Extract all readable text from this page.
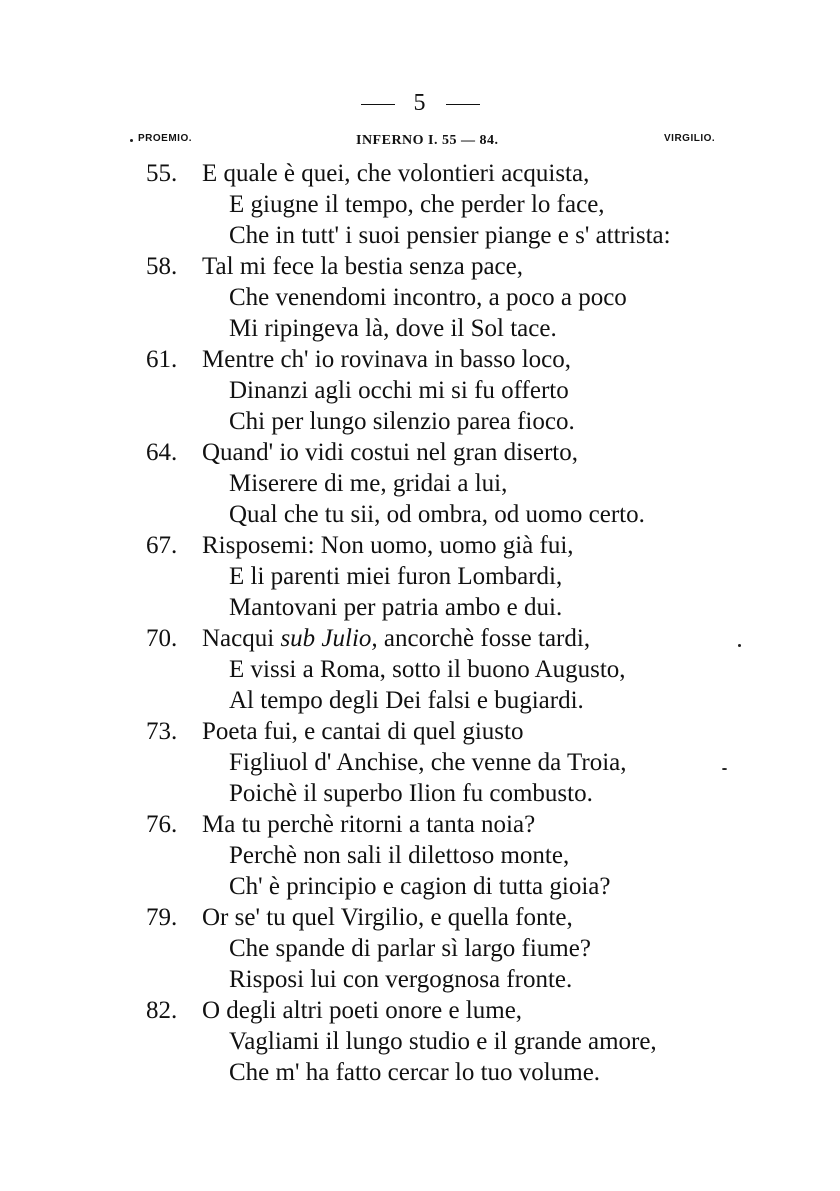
5
PROEMIO.	INFERNO I. 55 — 84.	VIRGILIO.
55. E quale è quei, che volontieri acquista,
E giugne il tempo, che perder lo face,
Che in tutt' i suoi pensier piange e s' attrista:
58. Tal mi fece la bestia senza pace,
Che venendomi incontro, a poco a poco
Mi ripingeva là, dove il Sol tace.
61. Mentre ch' io rovinava in basso loco,
Dinanzi agli occhi mi si fu offerto
Chi per lungo silenzio parea fioco.
64. Quand' io vidi costui nel gran diserto,
Miserere di me, gridai a lui,
Qual che tu sii, od ombra, od uomo certo.
67. Risposemi: Non uomo, uomo già fui,
E li parenti miei furon Lombardi,
Mantovani per patria ambo e dui.
70. Nacqui sub Julio, ancorchè fosse tardi,
E vissi a Roma, sotto il buono Augusto,
Al tempo degli Dei falsi e bugiardi.
73. Poeta fui, e cantai di quel giusto
Figliuol d' Anchise, che venne da Troia,
Poichè il superbo Ilion fu combusto.
76. Ma tu perchè ritorni a tanta noia?
Perchè non sali il dilettoso monte,
Ch' è principio e cagion di tutta gioia?
79. Or se' tu quel Virgilio, e quella fonte,
Che spande di parlar sì largo fiume?
Risposi lui con vergognosa fronte.
82. O degli altri poeti onore e lume,
Vagliami il lungo studio e il grande amore,
Che m' ha fatto cercar lo tuo volume.
